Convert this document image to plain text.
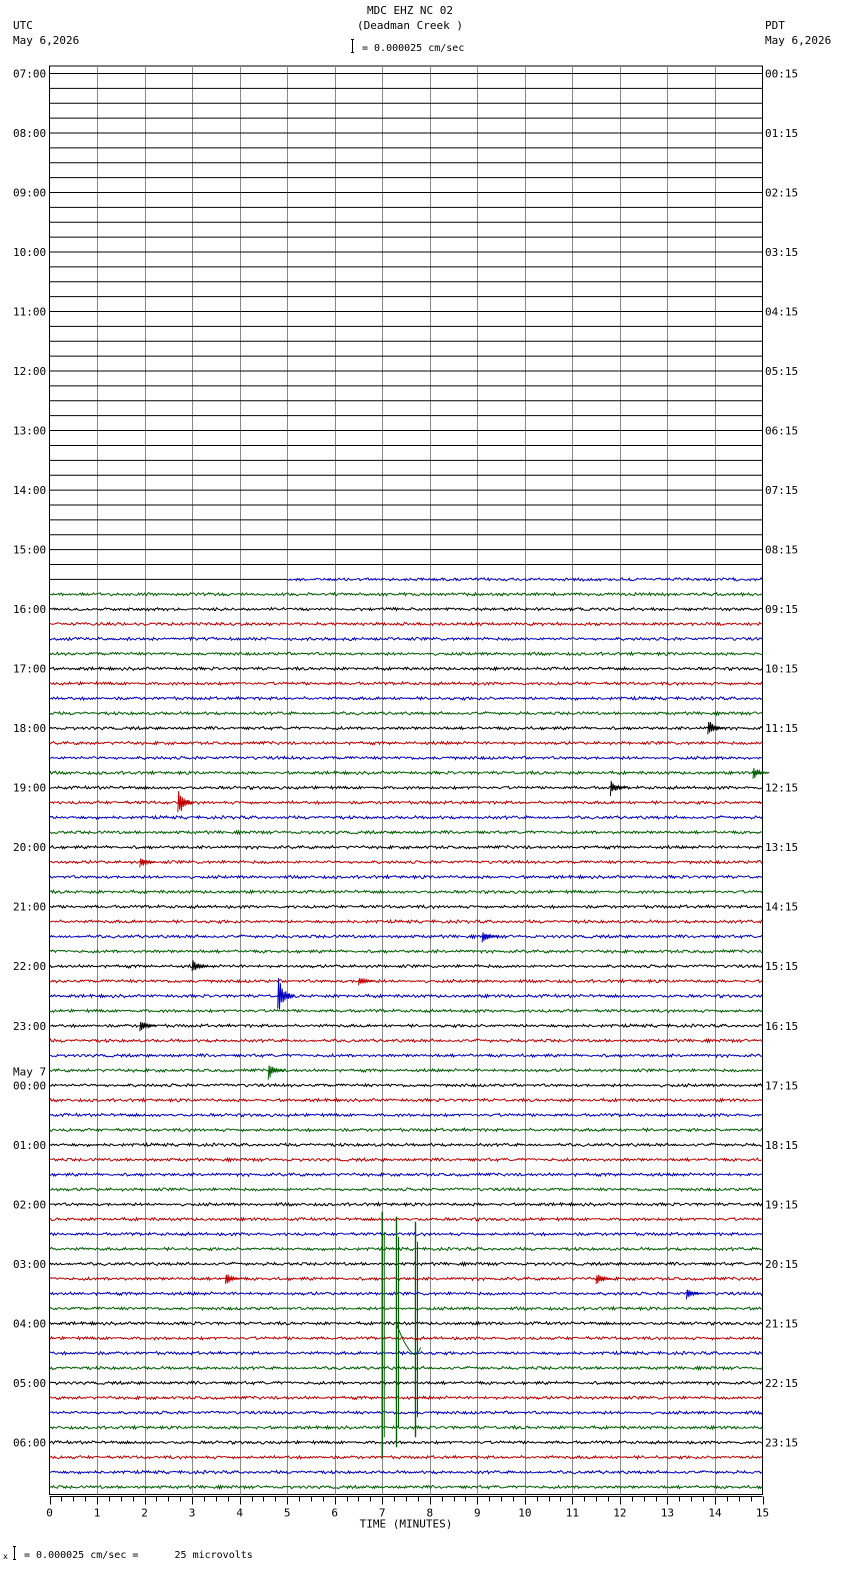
MDC EHZ NC 02
(Deadman Creek )
UTC
May 6,2026
PDT
May 6,2026
= 0.000025 cm/sec
x = 0.000025 cm/sec =      25 microvolts
07:00
08:00
09:00
10:00
11:00
12:00
13:00
14:00
15:00
16:00
17:00
18:00
19:00
20:00
21:00
22:00
23:00
May 7
00:00
01:00
02:00
03:00
04:00
05:00
06:00
00:15
01:15
02:15
03:15
04:15
05:15
06:15
07:15
08:15
09:15
10:15
11:15
12:15
13:15
14:15
15:15
16:15
17:15
18:15
19:15
20:15
21:15
22:15
23:15
0	1	2	3	4	5	6	7	8	9	10	11	12	13	14	15
TIME (MINUTES)
